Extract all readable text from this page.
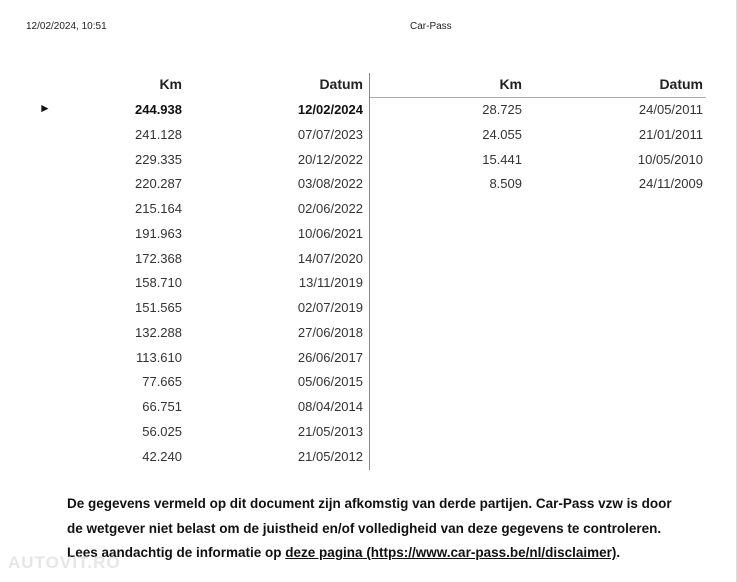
12/02/2024, 10:51	Car-Pass
Km	Datum	Km	Datum
►	244.938	12/02/2024
241.128	07/07/2023
229.335	20/12/2022
220.287	03/08/2022
215.164	02/06/2022
191.963	10/06/2021
172.368	14/07/2020
158.710	13/11/2019
151.565	02/07/2019
132.288	27/06/2018
113.610	26/06/2017
77.665	05/06/2015
66.751	08/04/2014
56.025	21/05/2013
42.240	21/05/2012
28.725	24/05/2011
24.055	21/01/2011
15.441	10/05/2010
8.509	24/11/2009
De gegevens vermeld op dit document zijn afkomstig van derde partijen. Car-Pass vzw is door
de wetgever niet belast om de juistheid en/of volledigheid van deze gegevens te controleren.
Lees aandachtig de informatie op deze pagina (https://www.car-pass.be/nl/disclaimer).
AUTOVIT.RO
